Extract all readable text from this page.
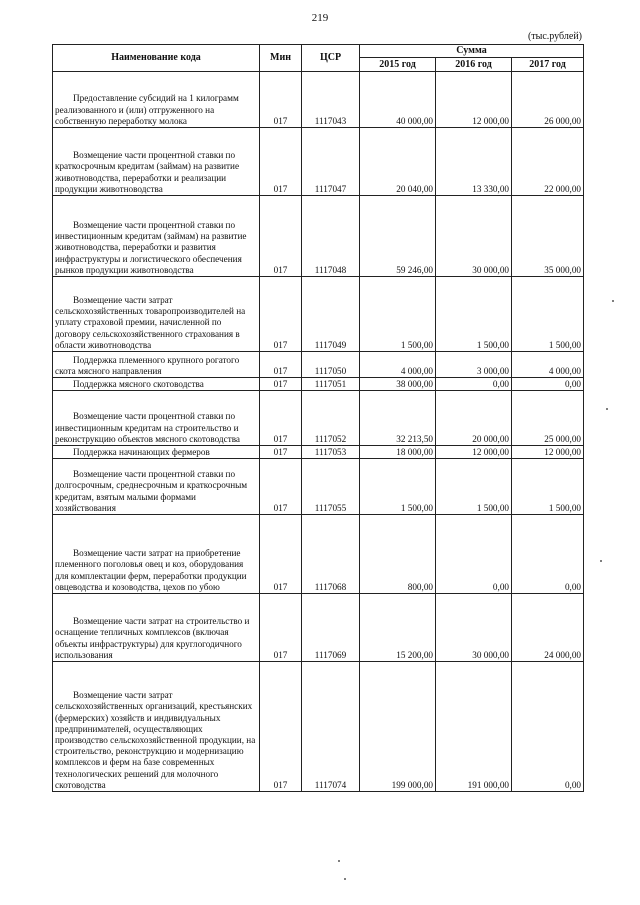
219
(тыс.рублей)
Наименование кода	Мин	ЦСР	Сумма		
			2015 год	2016 год	2017 год

Предоставление субсидий на 1 килограмм реализованного и (или) отгруженного на собственную переработку молока	017	1117043	40 000,00	12 000,00	26 000,00

Возмещение части процентной ставки по краткосрочным кредитам (займам) на развитие животноводства, переработки и реализации продукции животноводства	017	1117047	20 040,00	13 330,00	22 000,00

Возмещение части процентной ставки по инвестиционным кредитам (займам) на развитие животноводства, переработки и развития инфраструктуры и логистического обеспечения рынков продукции животноводства	017	1117048	59 246,00	30 000,00	35 000,00

Возмещение части затрат сельскохозяйственных товаропроизводителей на уплату страховой премии, начисленной по договору сельскохозяйственного страхования в области животноводства	017	1117049	1 500,00	1 500,00	1 500,00

Поддержка племенного крупного рогатого скота мясного направления	017	1117050	4 000,00	3 000,00	4 000,00

Поддержка мясного скотоводства	017	1117051	38 000,00	0,00	0,00

Возмещение части процентной ставки по инвестиционным кредитам на строительство и реконструкцию объектов мясного скотоводства	017	1117052	32 213,50	20 000,00	25 000,00

Поддержка начинающих фермеров	017	1117053	18 000,00	12 000,00	12 000,00

Возмещение части процентной ставки по долгосрочным, среднесрочным и краткосрочным кредитам, взятым малыми формами хозяйствования	017	1117055	1 500,00	1 500,00	1 500,00

Возмещение части затрат на приобретение племенного поголовья овец и коз, оборудования для комплектации ферм, переработки продукции овцеводства и козоводства, цехов по убою	017	1117068	800,00	0,00	0,00

Возмещение части затрат на строительство и оснащение тепличных комплексов (включая объекты инфраструктуры) для круглогодичного использования	017	1117069	15 200,00	30 000,00	24 000,00

Возмещение части затрат сельскохозяйственных организаций, крестьянских (фермерских) хозяйств и индивидуальных предпринимателей, осуществляющих производство сельскохозяйственной продукции, на строительство, реконструкцию и модернизацию комплексов и ферм на базе современных технологических решений для молочного скотоводства	017	1117074	199 000,00	191 000,00	0,00
